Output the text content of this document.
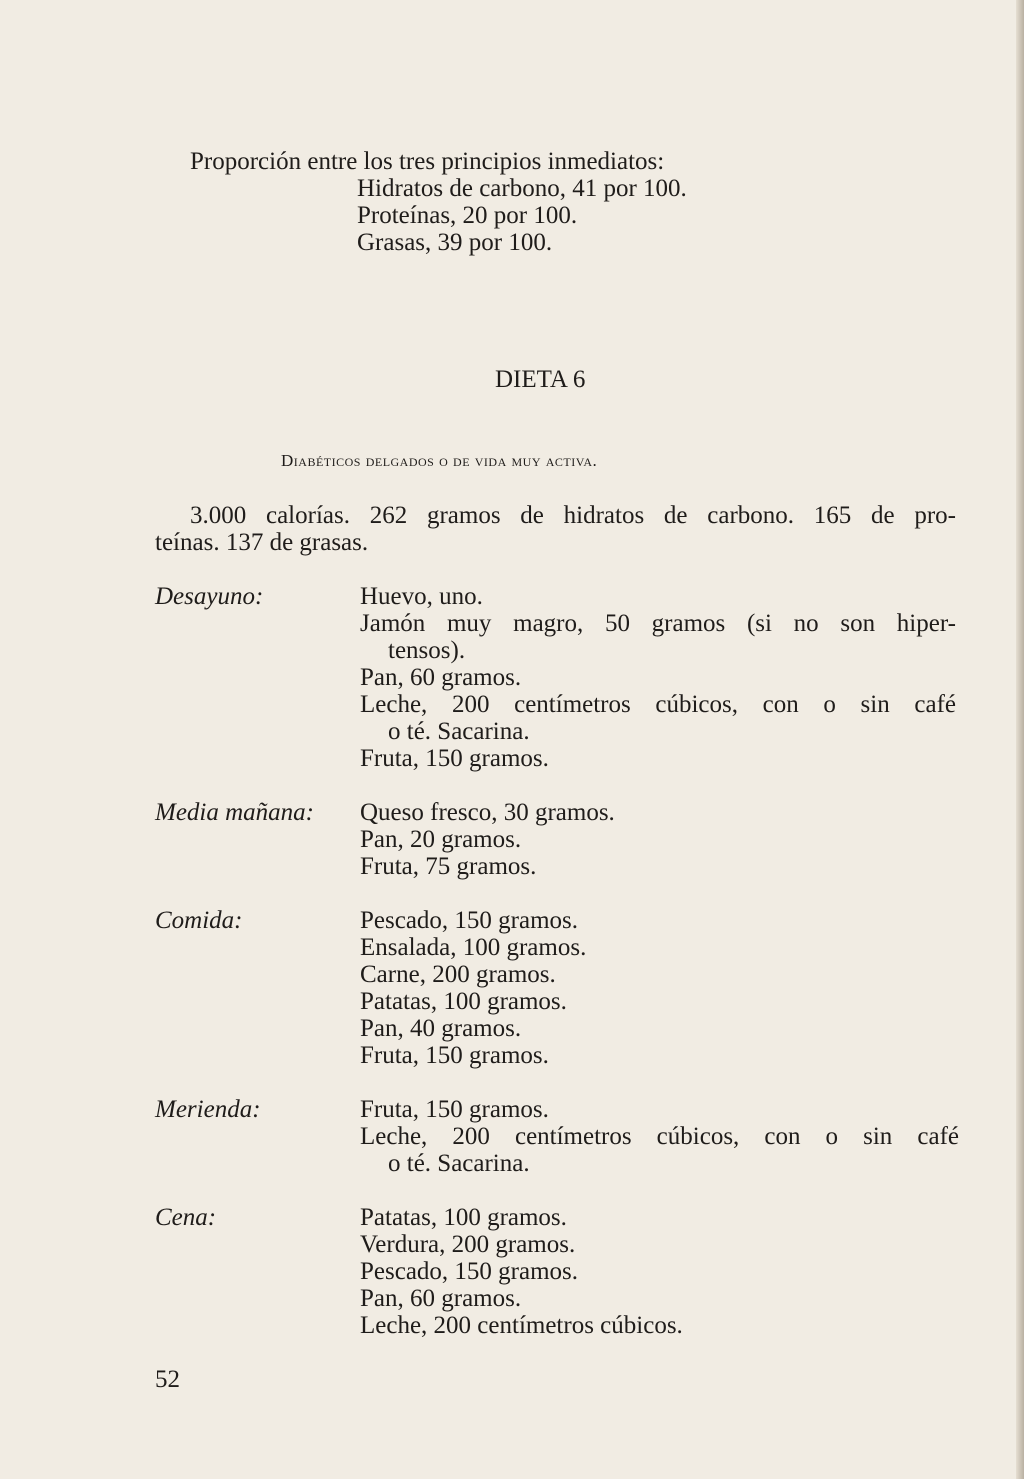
Proporción entre los tres principios inmediatos:
Hidratos de carbono, 41 por 100.
Proteínas, 20 por 100.
Grasas, 39 por 100.
DIETA 6
Diabéticos delgados o de vida muy activa.
3.000 calorías. 262 gramos de hidratos de carbono. 165 de pro-
teínas. 137 de grasas.
Desayuno:	Huevo, uno.
Jamón muy magro, 50 gramos (si no son hiper-
tensos).
Pan, 60 gramos.
Leche, 200 centímetros cúbicos, con o sin café
o té. Sacarina.
Fruta, 150 gramos.
Media mañana: Queso fresco, 30 gramos.
Pan, 20 gramos.
Fruta, 75 gramos.
Comida:	Pescado, 150 gramos.
Ensalada, 100 gramos.
Carne, 200 gramos.
Patatas, 100 gramos.
Pan, 40 gramos.
Fruta, 150 gramos.
Merienda:	Fruta, 150 gramos.
Leche, 200 centímetros cúbicos, con o sin café
o té. Sacarina.
Cena:	Patatas, 100 gramos.
Verdura, 200 gramos.
Pescado, 150 gramos.
Pan, 60 gramos.
Leche, 200 centímetros cúbicos.
52
